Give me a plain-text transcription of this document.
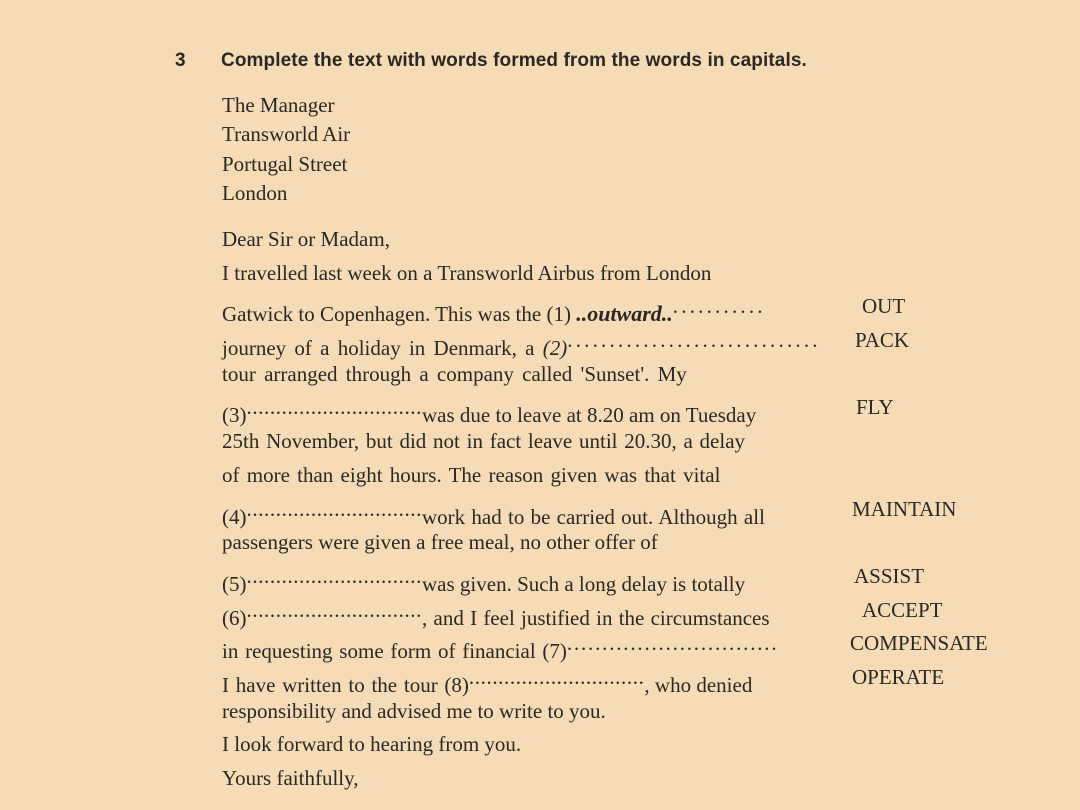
3 Complete the text with words formed from the words in capitals.
The Manager
Transworld Air
Portugal Street
London
Dear Sir or Madam,
I travelled last week on a Transworld Airbus from London
Gatwick to Copenhagen. This was the (1) ..outward.............	OUT
journey of a holiday in Denmark, a (2).............................. PACK
tour arranged through a company called 'Sunset'. My
(3)..............................was due to leave at 8.20 am on Tuesday	FLY
25th November, but did not in fact leave until 20.30, a delay
of more than eight hours. The reason given was that vital
(4)..............................work had to be carried out. Although all	MAINTAIN
passengers were given a free meal, no other offer of
(5)..............................was given. Such a long delay is totally	ASSIST
(6).............................., and I feel justified in the circumstances	ACCEPT
in requesting some form of financial (7)..............................	COMPENSATE
I have written to the tour (8).............................., who denied	OPERATE
responsibility and advised me to write to you.
I look forward to hearing from you.
Yours faithfully,
